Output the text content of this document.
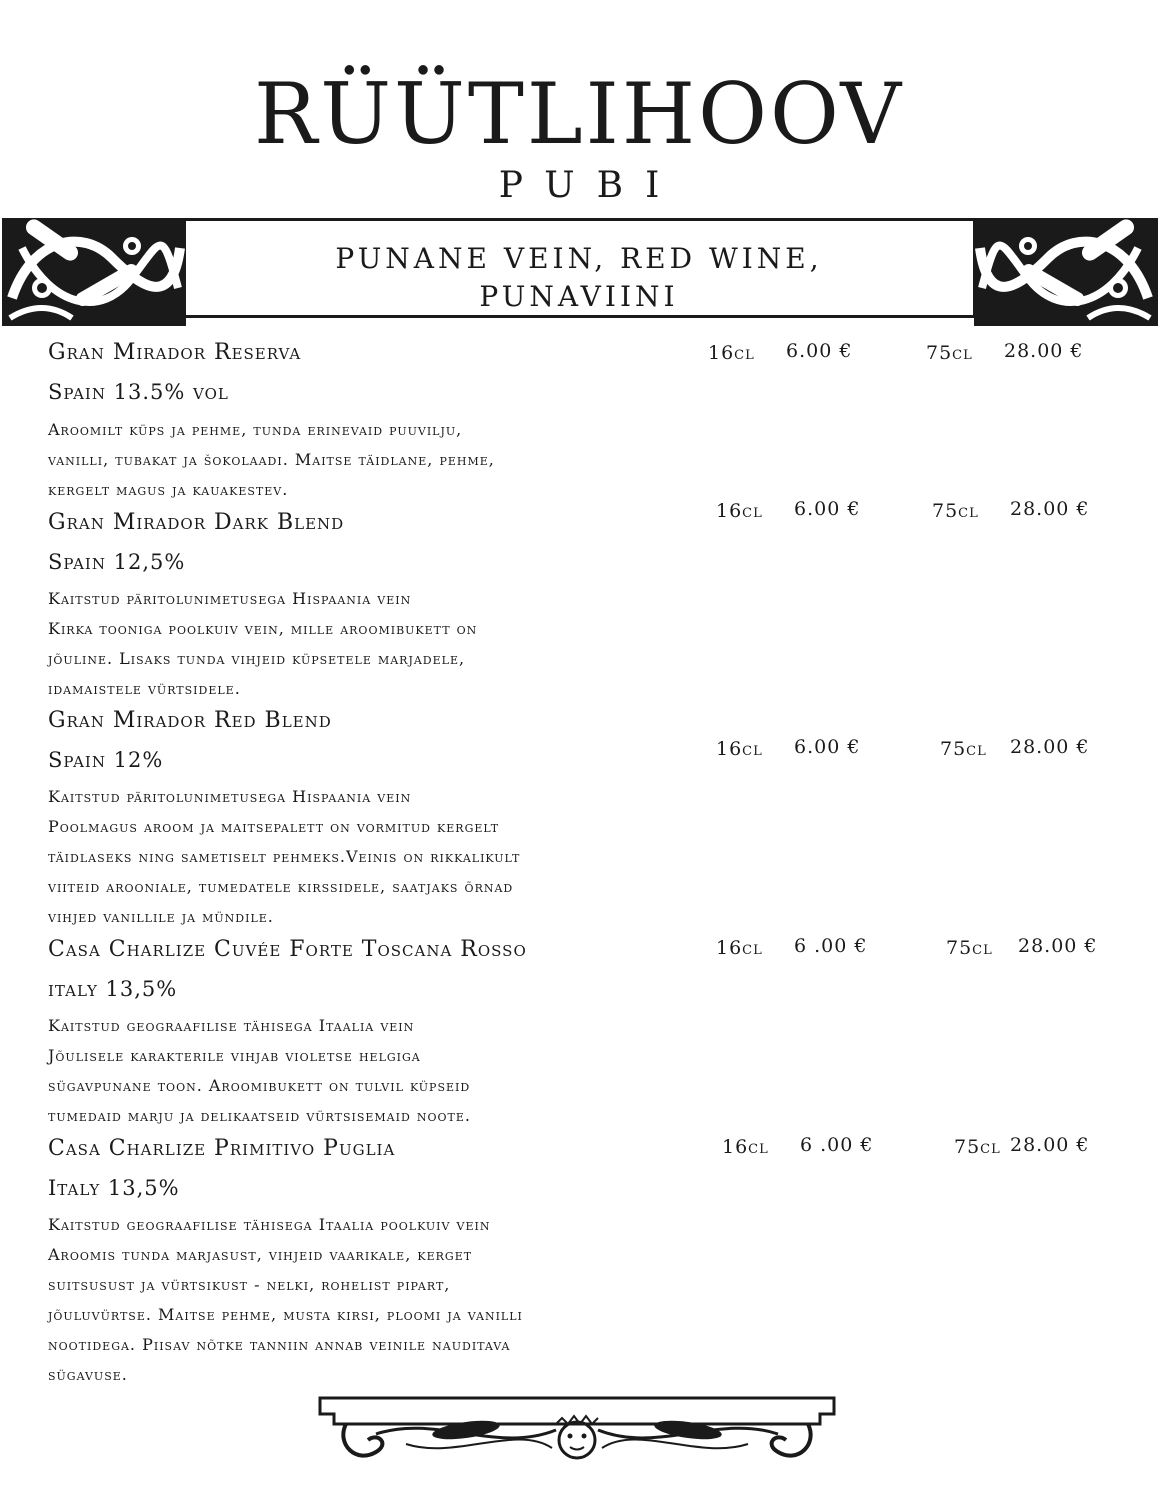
RÜÜTLIHOOV
PUBI
PUNANE VEIN, RED WINE,
PUNAVIINI
Gran Mirador Reserva
Spain 13.5% vol
Aroomilt küps ja pehme, tunda erinevaid puuvilju,
vanilli, tubakat ja šokolaadi. Maitse täidlane, pehme,
kergelt magus ja kauakestev.
16cl 6.00 €	75cl 28.00 €
Gran Mirador Dark Blend
Spain 12,5%
Kaitstud päritolunimetusega Hispaania vein
Kirka tooniga poolkuiv vein, mille aroomibukett on
jõuline. Lisaks tunda vihjeid küpsetele marjadele,
idamaistele vürtsidele.
16cl 6.00 €	75cl 28.00 €
Gran Mirador Red Blend
Spain 12%
Kaitstud päritolunimetusega Hispaania vein
Poolmagus aroom ja maitsepalett on vormitud kergelt
täidlaseks ning sametiselt pehmeks.Veinis on rikkalikult
viiteid arooniale, tumedatele kirssidele, saatjaks õrnad
vihjed vanillile ja mündile.
16cl 6.00 €	75cl 28.00 €
Casa Charlize Cuvée Forte Toscana Rosso
italy 13,5%
Kaitstud geograafilise tähisega Itaalia vein
Jõulisele karakterile vihjab violetse helgiga
sügavpunane toon. Aroomibukett on tulvil küpseid
tumedaid marju ja delikaatseid vürtsisemaid noote.
16cl 6 .00 €	75cl 28.00 €
Casa Charlize Primitivo Puglia
Italy 13,5%
Kaitstud geograafilise tähisega Itaalia poolkuiv vein
Aroomis tunda marjasust, vihjeid vaarikale, kerget
suitsusust ja vürtsikust - nelki, rohelist pipart,
jõuluvürtse. Maitse pehme, musta kirsi, ploomi ja vanilli
nootidega. Piisav nõtke tanniin annab veinile nauditava
sügavuse.
16cl 6 .00 €	75cl 28.00 €
